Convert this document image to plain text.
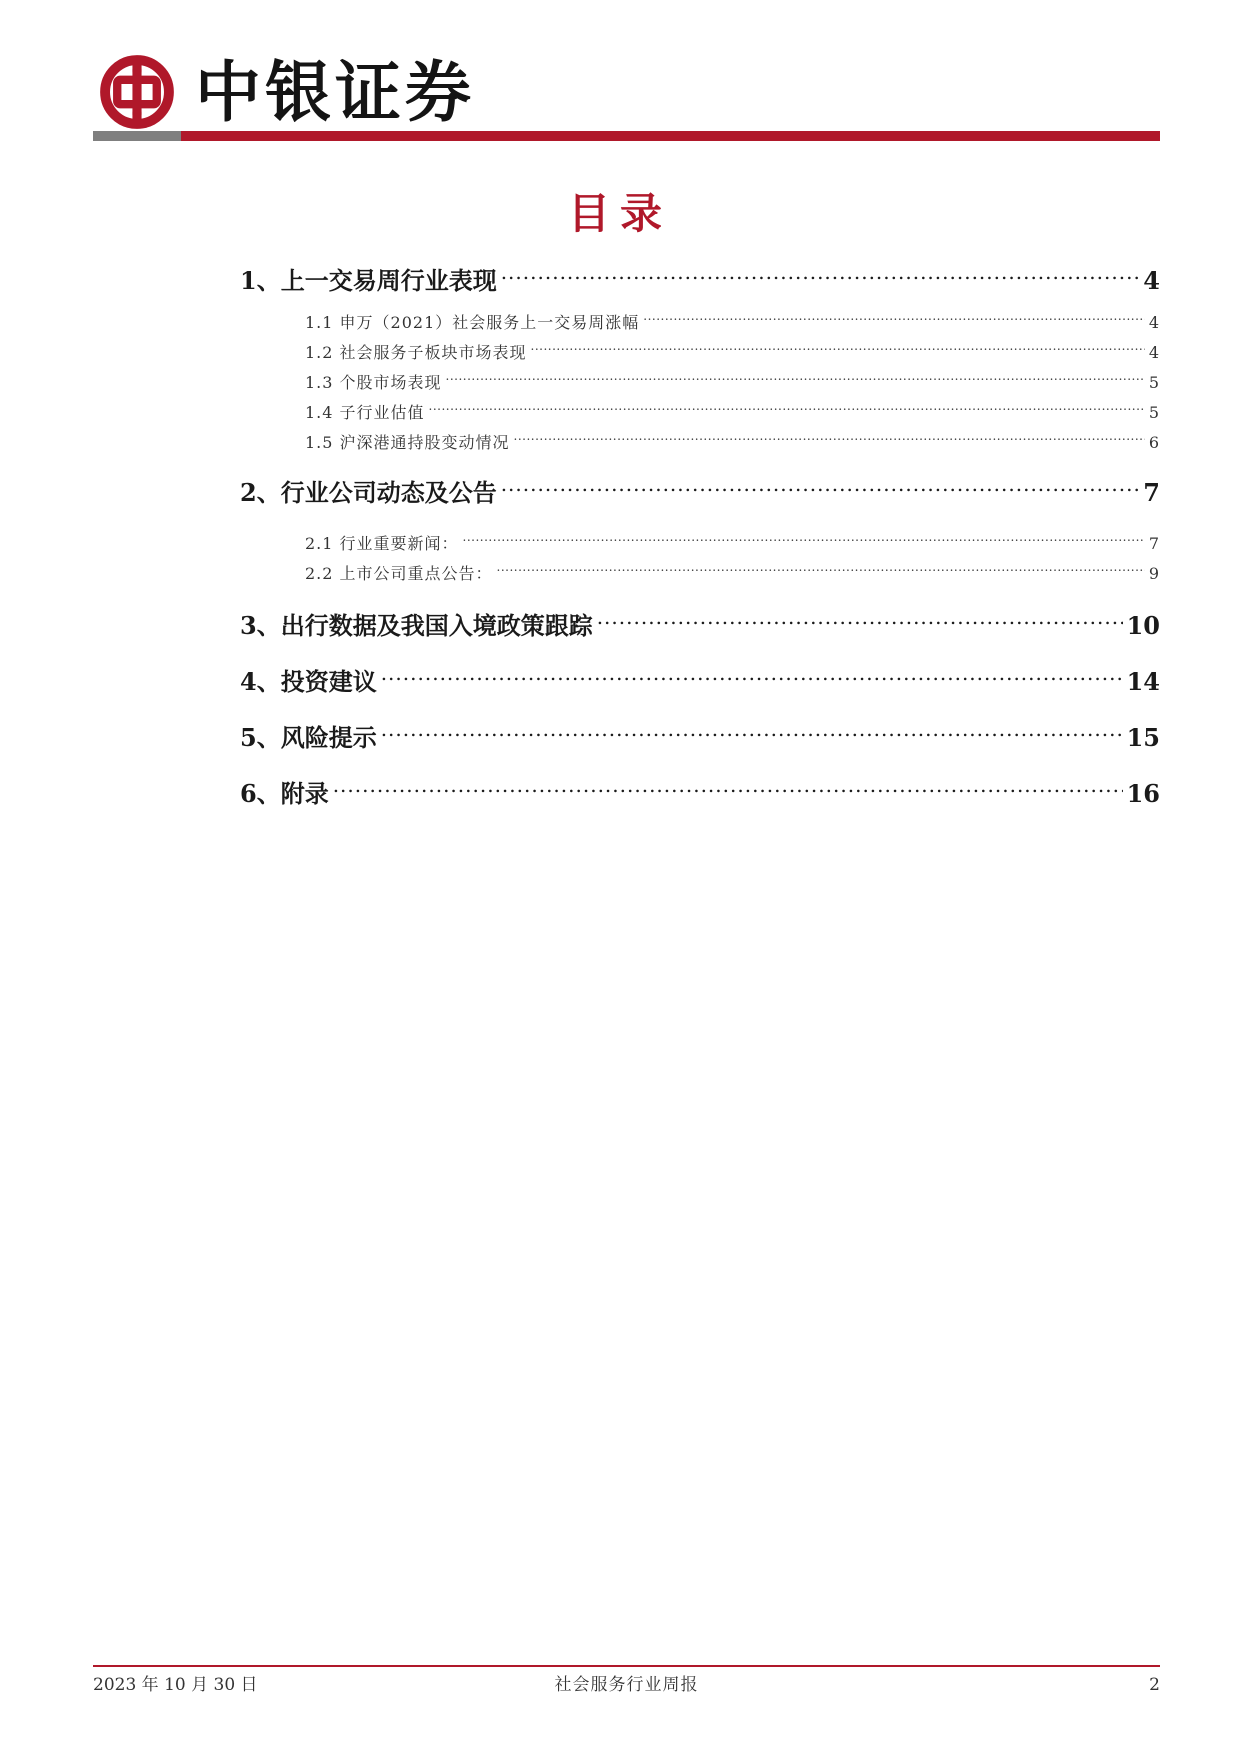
中银证券
目录
1、上一交易周行业表现 .....	4
1.1 申万（2021）社会服务上一交易周涨幅 .....	4
1.2 社会服务子板块市场表现 .....	4
1.3 个股市场表现 .....	5
1.4 子行业估值 .....	5
1.5 沪深港通持股变动情况 .....	6
2、行业公司动态及公告 .....	7
2.1 行业重要新闻： .....	7
2.2 上市公司重点公告： .....	9
3、出行数据及我国入境政策跟踪 .....	10
4、投资建议 .....	14
5、风险提示 .....	15
6、附录 .....	16
2023 年 10 月 30 日	社会服务行业周报	2
